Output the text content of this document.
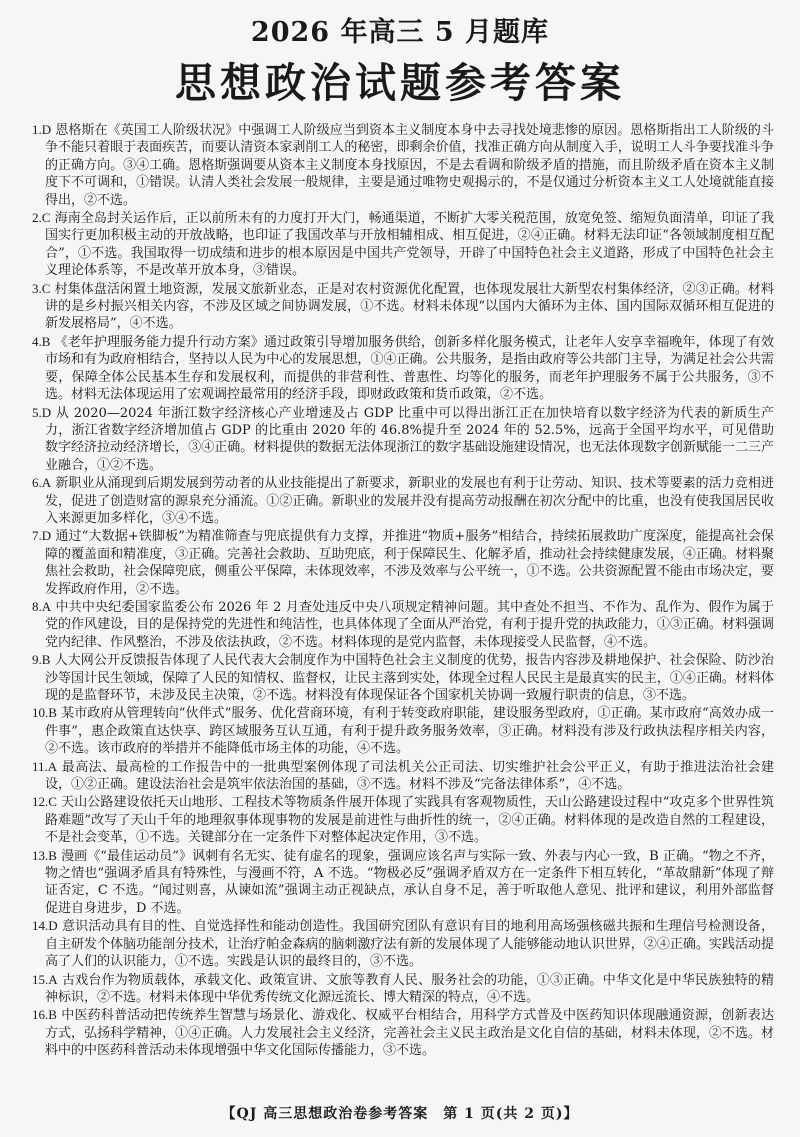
2026 年高三 5 月题库
思想政治试题参考答案

1.D 恩格斯在《英国工人阶级状况》中强调工人阶级应当到资本主义制度本身中去寻找处境悲惨的原因。恩格斯指出工人阶级的斗争不能只着眼于表面疾苦，而要认清资本家剥削工人的秘密，即剩余价值，找准正确方向从制度入手，说明工人斗争要找准斗争的正确方向。③④工确。恩格斯强调要从资本主义制度本身找原因，不是去看调和阶级矛盾的措施，而且阶级矛盾在资本主义制度下不可调和，①错误。认清人类社会发展一般规律，主要是通过唯物史观揭示的，不是仅通过分析资本主义工人处境就能直接得出，②不选。

2.C 海南全岛封关运作后，正以前所未有的力度打开大门，畅通渠道，不断扩大零关税范围，放宽免签、缩短负面清单，印证了我国实行更加积极主动的开放战略，也印证了我国改革与开放相辅相成、相互促进，②④正确。材料无法印证“各领域制度相互配合”，①不选。我国取得一切成绩和进步的根本原因是中国共产党领导，开辟了中国特色社会主义道路，形成了中国特色社会主义理论体系等，不是改革开放本身，③错误。

3.C 村集体盘活闲置土地资源，发展文旅新业态，正是对农村资源优化配置，也体现发展壮大新型农村集体经济，②③正确。材料讲的是乡村振兴相关内容，不涉及区域之间协调发展，①不选。材料未体现“以国内大循环为主体、国内国际双循环相互促进的新发展格局”，④不选。

4.B 《老年护理服务能力提升行动方案》通过政策引导增加服务供给，创新多样化服务模式，让老年人安享幸福晚年，体现了有效市场和有为政府相结合，坚持以人民为中心的发展思想，①④正确。公共服务，是指由政府等公共部门主导，为满足社会公共需要，保障全体公民基本生存和发展权利，而提供的非营利性、普惠性、均等化的服务，而老年护理服务不属于公共服务，③不选。材料无法体现运用了宏观调控最常用的经济手段，即财政政策和货币政策，②不选。

5.D 从 2020—2024 年浙江数字经济核心产业增速及占 GDP 比重中可以得出浙江正在加快培育以数字经济为代表的新质生产力，浙江省数字经济增加值占 GDP 的比重由 2020 年的 46.8%提升至 2024 年的 52.5%，远高于全国平均水平，可见借助数字经济拉动经济增长，③④正确。材料提供的数据无法体现浙江的数字基础设施建设情况，也无法体现数字创新赋能一二三产业融合，①②不选。

6.A 新职业从涌现到后期发展到劳动者的从业技能提出了新要求，新职业的发展也有利于让劳动、知识、技术等要素的活力竞相迸发，促进了创造财富的源泉充分涌流。①②正确。新职业的发展并没有提高劳动报酬在初次分配中的比重，也没有使我国居民收入来源更加多样化，③④不选。

7.D 通过“大数据+铁脚板”为精准筛查与兜底提供有力支撑，并推进“物质+服务”相结合，持续拓展救助广度深度，能提高社会保障的覆盖面和精准度，③正确。完善社会救助、互助兜底，利于保障民生、化解矛盾，推动社会持续健康发展，④正确。材料聚焦社会救助，社会保障兜底，侧重公平保障，未体现效率，不涉及效率与公平统一，①不选。公共资源配置不能由市场决定，要发挥政府作用，②不选。

8.A 中共中央纪委国家监委公布 2026 年 2 月查处违反中央八项规定精神问题。其中查处不担当、不作为、乱作为、假作为属于党的作风建设，目的是保持党的先进性和纯洁性，也具体体现了全面从严治党，有利于提升党的执政能力，①③正确。材料强调党内纪律、作风整治，不涉及依法执政，②不选。材料体现的是党内监督，未体现接受人民监督，④不选。

9.B 人大网公开反馈报告体现了人民代表大会制度作为中国特色社会主义制度的优势，报告内容涉及耕地保护、社会保险、防沙治沙等国计民生领域，保障了人民的知情权、监督权，让民主落到实处，体现全过程人民民主是最真实的民主，①④正确。材料体现的是监督环节，未涉及民主决策，②不选。材料没有体现保证各个国家机关协调一致履行职责的信息，③不选。

10.B 某市政府从管理转向“伙伴式”服务、优化营商环境，有利于转变政府职能，建设服务型政府，①正确。某市政府“高效办成一件事”，惠企政策直达快享、跨区域服务互认互通，有利于提升政务服务效率，③正确。材料没有涉及行政执法程序相关内容，②不选。该市政府的举措并不能降低市场主体的功能，④不选。

11.A 最高法、最高检的工作报告中的一批典型案例体现了司法机关公正司法、切实维护社会公平正义，有助于推进法治社会建设，①②正确。建设法治社会是筑牢依法治国的基础，③不选。材料不涉及“完备法律体系”，④不选。

12.C 天山公路建设依托天山地形、工程技术等物质条件展开体现了实践具有客观物质性，天山公路建设过程中“攻克多个世界性筑路难题”改写了天山千年的地理叙事体现事物的发展是前进性与曲折性的统一，②④正确。材料体现的是改造自然的工程建设，不是社会变革，①不选。关键部分在一定条件下对整体起决定作用，③不选。

13.B 漫画《“最佳运动员”》讽刺有名无实、徒有虚名的现象，强调应该名声与实际一致、外表与内心一致，B 正确。“物之不齐，物之情也”强调矛盾具有特殊性，与漫画不符，A 不选。“物极必反”强调矛盾双方在一定条件下相互转化，“革故鼎新”体现了辩证否定，C 不选。“闻过则喜，从谏如流”强调主动正视缺点，承认自身不足，善于听取他人意见、批评和建议，利用外部监督促进自身进步，D 不选。

14.D 意识活动具有目的性、自觉选择性和能动创造性。我国研究团队有意识有目的地利用高场强核磁共振和生理信号检测设备，自主研发个体脑功能剖分技术，让治疗帕金森病的脑刺激疗法有新的发展体现了人能够能动地认识世界，②④正确。实践活动提高了人们的认识能力，①不选。实践是认识的最终目的，③不选。

15.A 古戏台作为物质载体，承载文化、政策宣讲、文旅等教育人民、服务社会的功能，①③正确。中华文化是中华民族独特的精神标识，②不选。材料未体现中华优秀传统文化源远流长、博大精深的特点，④不选。

16.B 中医药科普活动把传统养生智慧与场景化、游戏化、权威平台相结合，用科学方式普及中医药知识体现融通资源，创新表达方式，弘扬科学精神，①④正确。人力发展社会主义经济，完善社会主义民主政治是文化自信的基础，材料未体现，②不选。材料中的中医药科普活动未体现增强中华文化国际传播能力，③不选。

【QJ 高三思想政治卷参考答案　第 1 页(共 2 页)】
